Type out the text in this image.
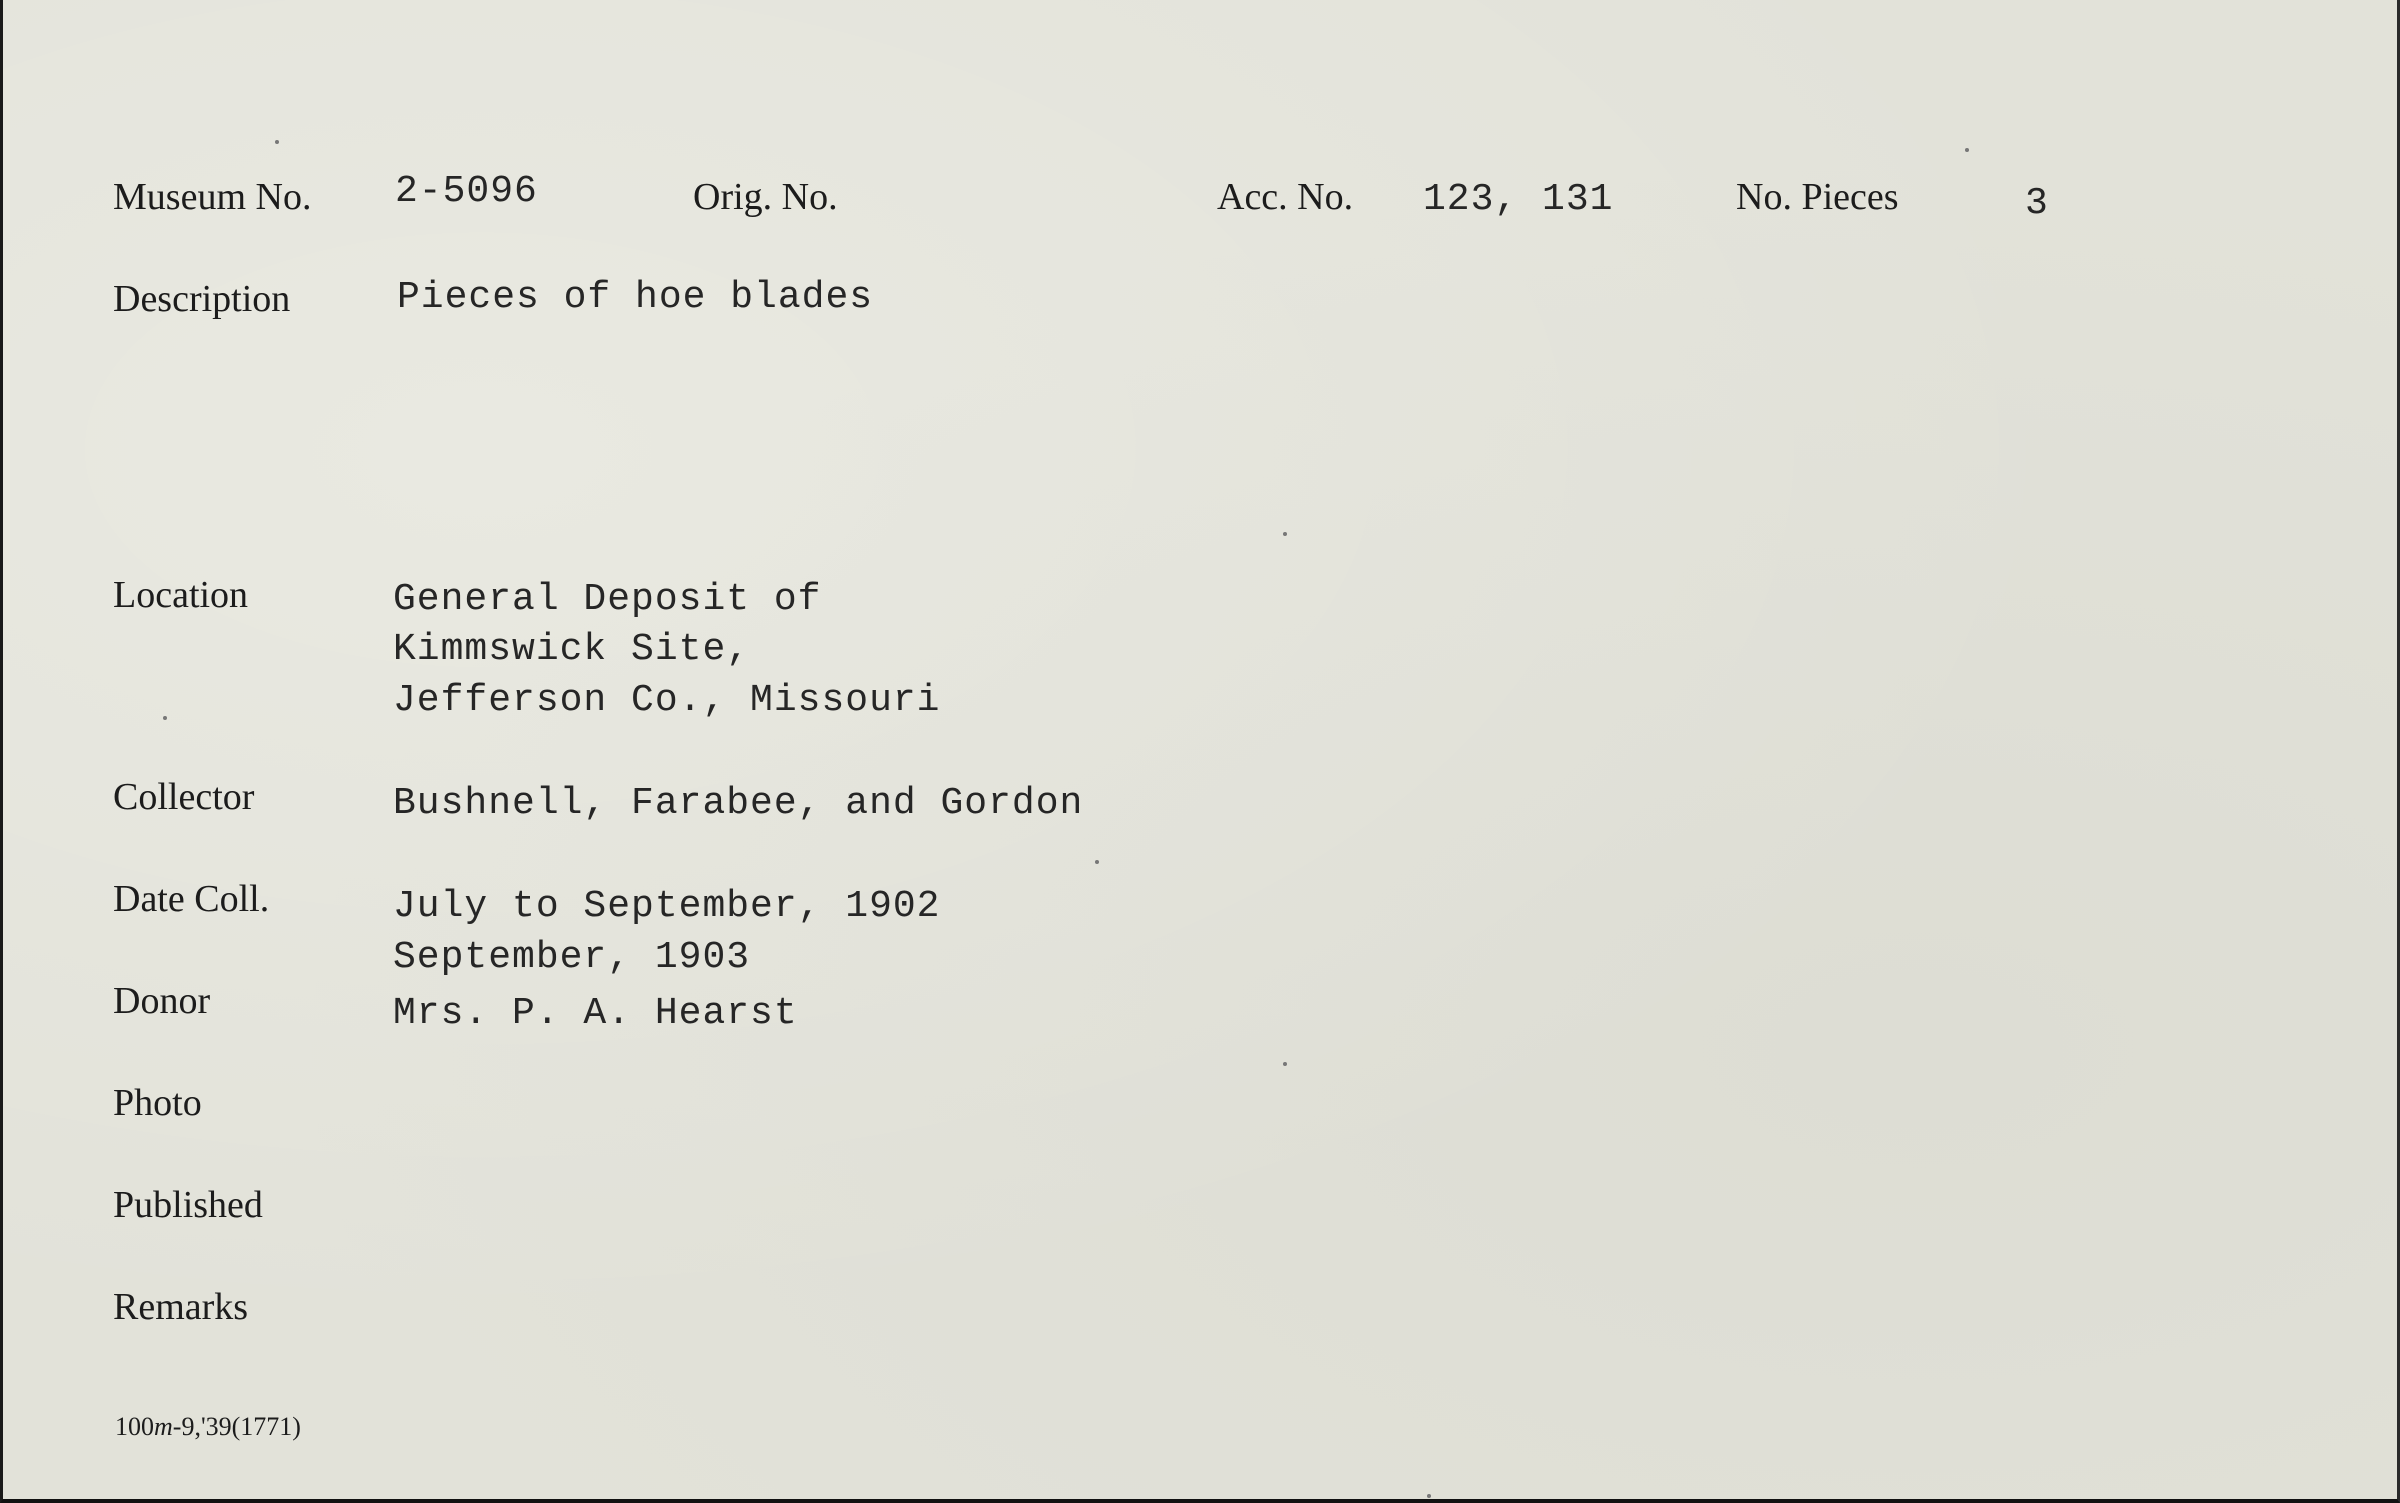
Museum No. 2-5096	Orig. No.	Acc. No. 123, 131	No. Pieces	3
Description	Pieces of hoe blades
Location	General Deposit of
Kimmswick Site,
Jefferson Co., Missouri
Collector	Bushnell, Farabee, and Gordon
Date Coll.	July to September, 1902
September, 1903
Donor	Mrs. P. A. Hearst
Photo
Published
Remarks
100m-9,'39(1771)
